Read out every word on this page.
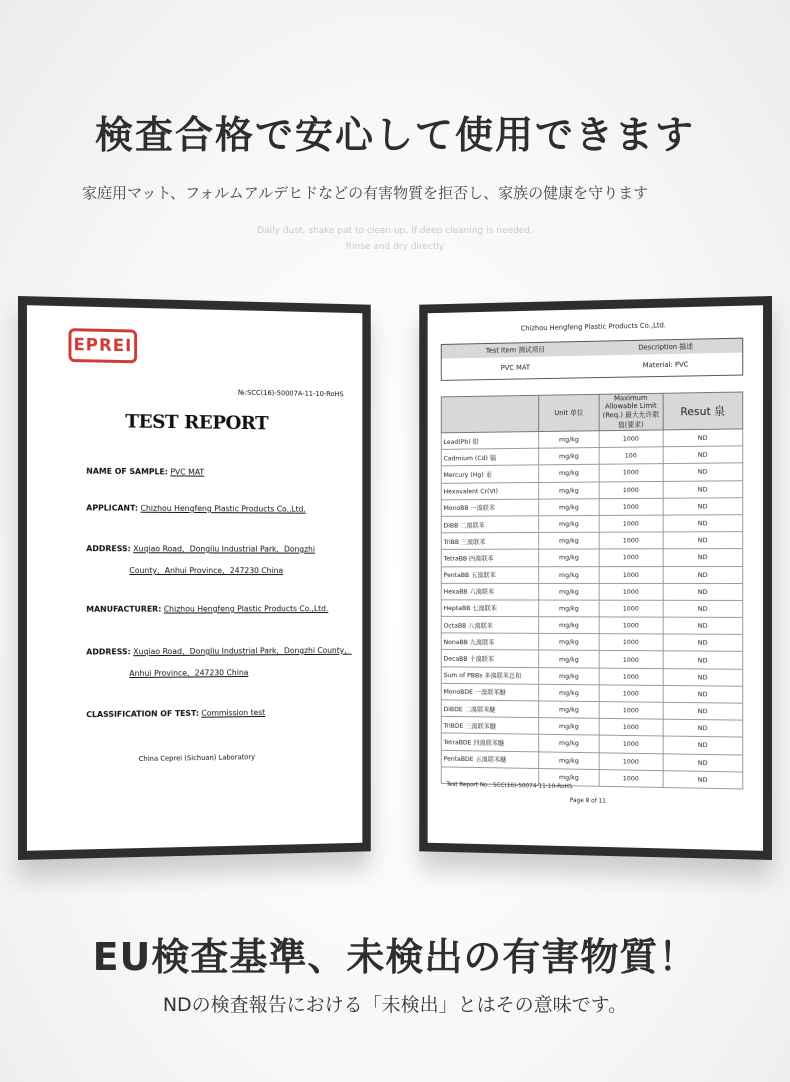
検査合格で安心して使用できます
家庭用マット、フォルムアルデヒドなどの有害物質を拒否し、家族の健康を守ります
Daily dust, shake pat to clean up. If deep cleaning is needed,
Rinse and dry directly
EPREI
№:SCC(16)-50007A-11-10-RoHS
TEST REPORT
NAME OF SAMPLE: PVC MAT
APPLICANT: Chizhou Hengfeng Plastic Products Co.,Ltd.
ADDRESS: Xuqiao Road，Dongliu Industrial Park，Dongzhi
County，Anhui Province，247230 China
MANUFACTURER: Chizhou Hengfeng Plastic Products Co.,Ltd.
ADDRESS: Xuqiao Road，Dongliu Industrial Park，Dongzhi County，
Anhui Province，247230 China
CLASSIFICATION OF TEST: Commission test
China Ceprei (Sichuan) Laboratory
Chizhou Hengfeng Plastic Products Co.,Ltd.
Test Item 测试项目	Description 描述
PVC MAT	Material: PVC
	Unit 单位	Maximum Allowable Limit (Req.) 最大允许限值(要求)	Resut 泉
Lead(Pb) 铅	mg/kg	1000	ND
Cadmium (Cd) 镉	mg/kg	100	ND
Mercury (Hg) 汞	mg/kg	1000	ND
Hexavalent Cr(VI)	mg/kg	1000	ND
MonoBB 一溴联苯	mg/kg	1000	ND
DiBB 二溴联苯	mg/kg	1000	ND
TriBB 三溴联苯	mg/kg	1000	ND
TetraBB 四溴联苯	mg/kg	1000	ND
PentaBB 五溴联苯	mg/kg	1000	ND
HexaBB 六溴联苯	mg/kg	1000	ND
HeptaBB 七溴联苯	mg/kg	1000	ND
OctaBB 八溴联苯	mg/kg	1000	ND
NonaBB 九溴联苯	mg/kg	1000	ND
DecaBB 十溴联苯	mg/kg	1000	ND
Sum of PBBs 多溴联苯总和	mg/kg	1000	ND
MonoBDE 一溴联苯醚	mg/kg	1000	ND
DiBDE 二溴联苯醚	mg/kg	1000	ND
TriBDE 三溴联苯醚	mg/kg	1000	ND
TetraBDE 四溴联苯醚	mg/kg	1000	ND
PentaBDE 五溴联苯醚	mg/kg	1000	ND
	mg/kg	1000	ND
Test Report No.: SCC(16)-50074-11-10-RoHS
Page 8 of 11
EU検査基準、未検出の有害物質！
NDの検査報告における「未検出」とはその意味です。
